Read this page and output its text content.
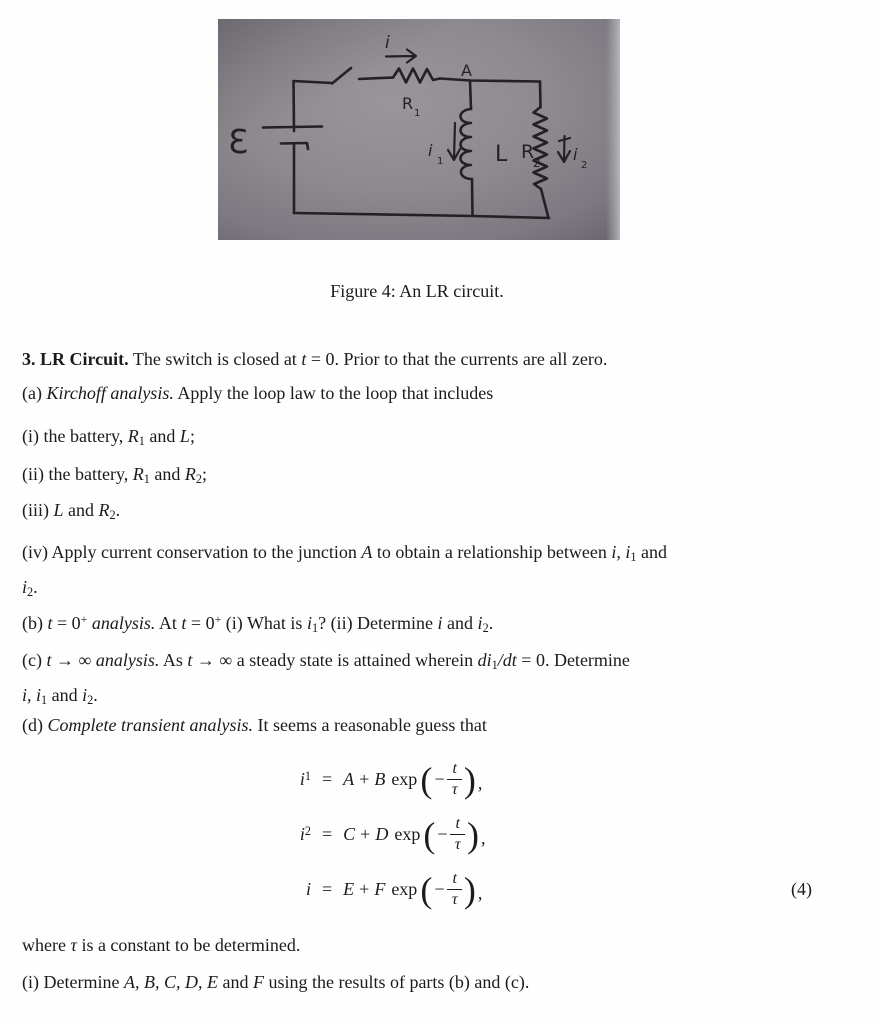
Ɛ
i
A
R
1
i
1 L R
2 i
2
Figure 4: An LR circuit.

3. LR Circuit. The switch is closed at t = 0. Prior to that the currents are all zero.

(a) Kirchoff analysis. Apply the loop law to the loop that includes

(i) the battery, R1 and L;

(ii) the battery, R1 and R2;

(iii) L and R2.

(iv) Apply current conservation to the junction A to obtain a relationship between i, i1 and
i2.

(b) t = 0+ analysis. At t = 0+ (i) What is i1? (ii) Determine i and i2.

(c) t → ∞ analysis. As t → ∞ a steady state is attained wherein di1/dt = 0. Determine
i, i1 and i2.

(d) Complete transient analysis. It seems a reasonable guess that

i 1 = A + B exp ( − $\frac{t}{\tau}$ ) ,
i 2 = C + D exp ( − $\frac{t}{\tau}$ ) ,
i = E + F exp ( − $\frac{t}{\tau}$ ) ,	(4)

where τ is a constant to be determined.

(i) Determine A, B, C, D, E and F using the results of parts (b) and (c).
